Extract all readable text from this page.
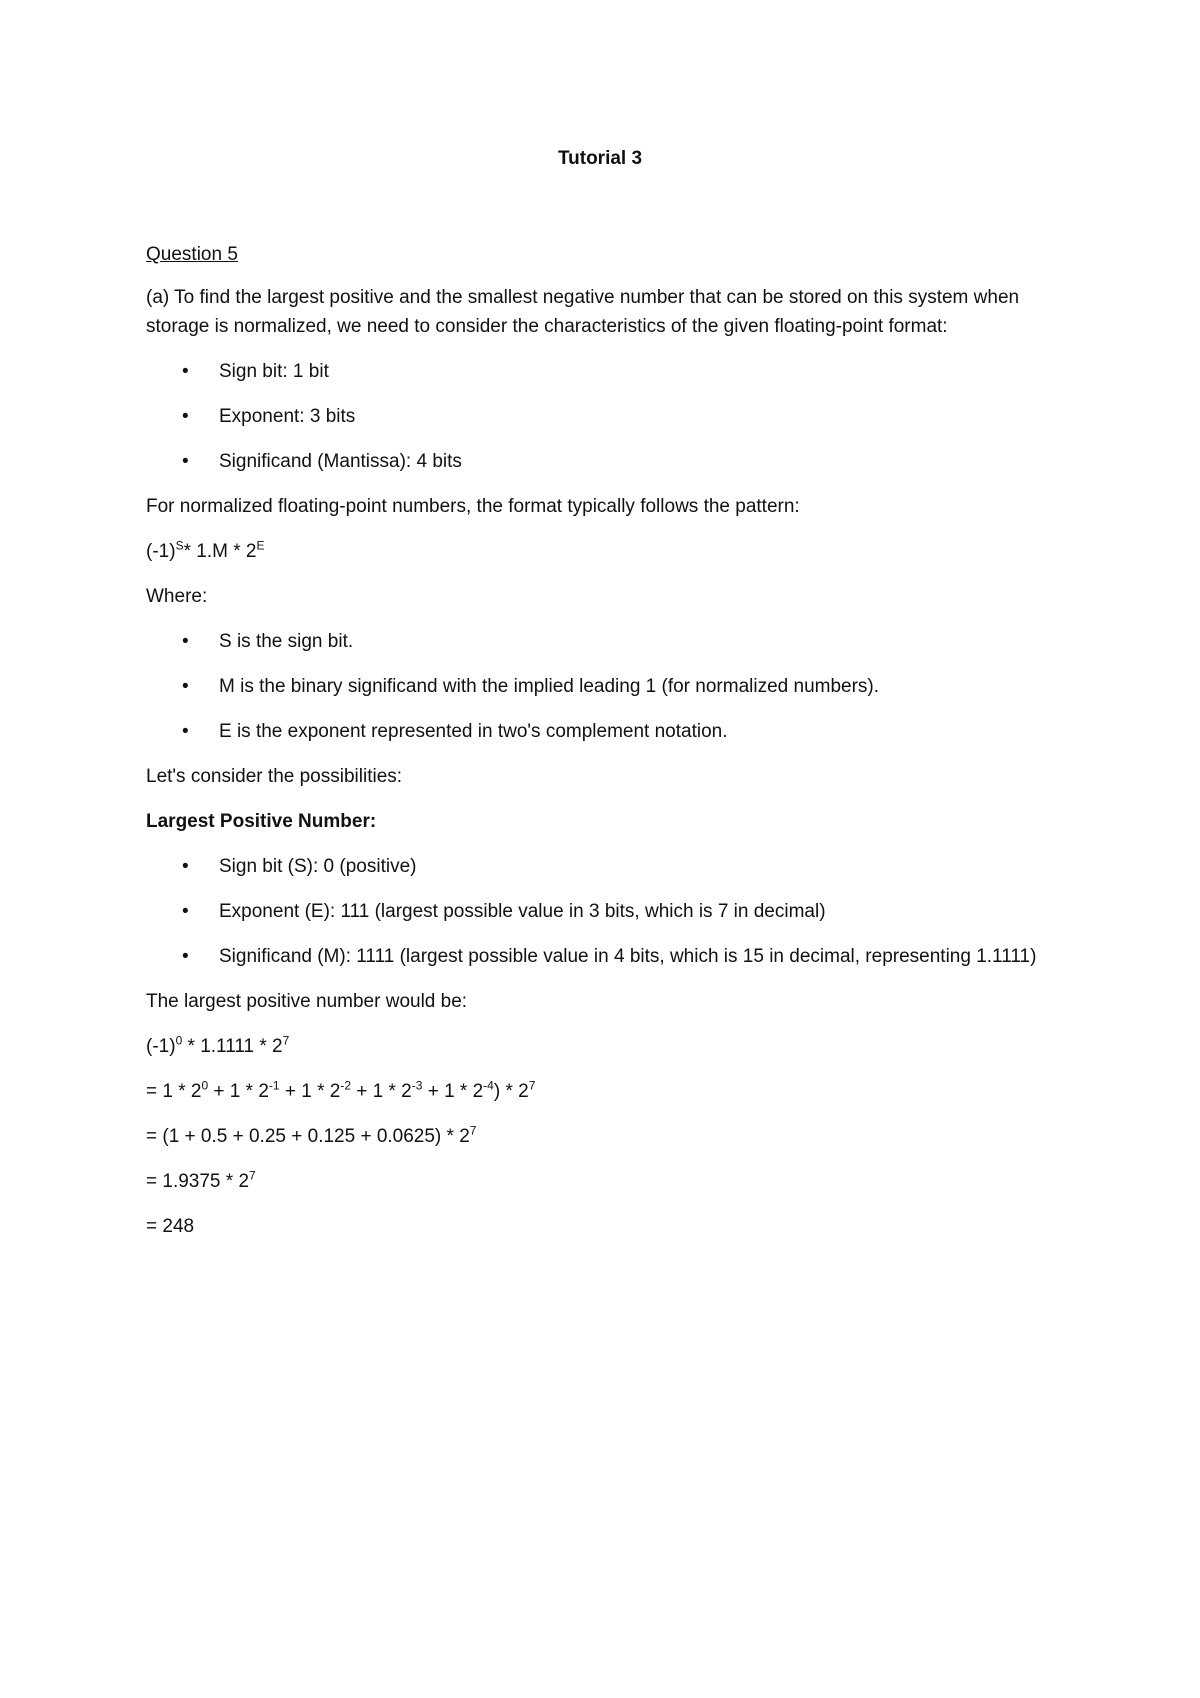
Tutorial 3

Question 5

(a) To find the largest positive and the smallest negative number that can be stored on this system when storage is normalized, we need to consider the characteristics of the given floating-point format:

• Sign bit: 1 bit
• Exponent: 3 bits
• Significand (Mantissa): 4 bits

For normalized floating-point numbers, the format typically follows the pattern:

$(-1)^S*$ $1.M * 2^E$

Where:

• S is the sign bit.
• M is the binary significand with the implied leading 1 (for normalized numbers).
• E is the exponent represented in two's complement notation.

Let's consider the possibilities:

Largest Positive Number:

• Sign bit (S): 0 (positive)
• Exponent (E): 111 (largest possible value in 3 bits, which is 7 in decimal)
• Significand (M): 1111 (largest possible value in 4 bits, which is 15 in decimal, representing 1.1111)

The largest positive number would be:

$(-1)^0 * 1.1111 * 2^7$

= $1 * 2^0 + 1 * 2^{-1} + 1 * 2^{-2} + 1 * 2^{-3} + 1 * 2^{-4}) * 2^7$

= $(1 + 0.5 + 0.25 + 0.125 + 0.0625) * 2^7$

= $1.9375 * 2^7$

= 248
